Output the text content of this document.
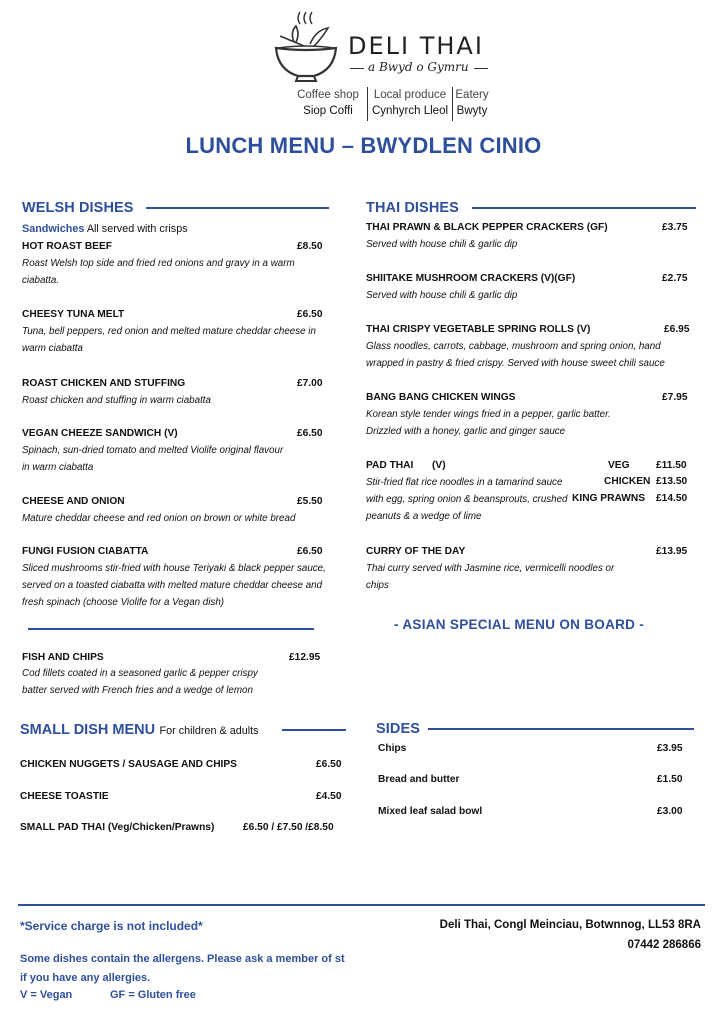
DELI THAI
a Bwyd o Gymru
Coffee shop
Siop Coffi
Local produce
Cynhyrch Lleol
Eatery
Bwyty
LUNCH MENU – BWYDLEN CINIO
WELSH DISHES
Sandwiches All served with crisps
HOT ROAST BEEF	£8.50
Roast Welsh top side and fried red onions and gravy in a warm ciabatta.
CHEESY TUNA MELT	£6.50
Tuna, bell peppers, red onion and melted mature cheddar cheese in warm ciabatta
ROAST CHICKEN AND STUFFING	£7.00
Roast chicken and stuffing in warm ciabatta
VEGAN CHEEZE SANDWICH (V)	£6.50
Spinach, sun-dried tomato and melted Violife original flavour in warm ciabatta
CHEESE AND ONION	£5.50
Mature cheddar cheese and red onion on brown or white bread
FUNGI FUSION CIABATTA	£6.50
Sliced mushrooms stir-fried with house Teriyaki & black pepper sauce, served on a toasted ciabatta with melted mature cheddar cheese and fresh spinach (choose Violife for a Vegan dish)
FISH AND CHIPS	£12.95
Cod fillets coated in a seasoned garlic & pepper crispy batter served with French fries and a wedge of lemon
THAI DISHES
THAI PRAWN & BLACK PEPPER CRACKERS (GF)	£3.75
Served with house chili & garlic dip
SHIITAKE MUSHROOM CRACKERS (V)(GF)	£2.75
Served with house chili & garlic dip
THAI CRISPY VEGETABLE SPRING ROLLS (V)	£6.95
Glass noodles, carrots, cabbage, mushroom and spring onion, hand wrapped in pastry & fried crispy. Served with house sweet chili sauce
BANG BANG CHICKEN WINGS	£7.95
Korean style tender wings fried in a pepper, garlic batter. Drizzled with a honey, garlic and ginger sauce
PAD THAI (V)
Stir-fried flat rice noodles in a tamarind sauce with egg, spring onion & beansprouts, crushed peanuts & a wedge of lime
VEG	£11.50
CHICKEN £13.50
KING PRAWNS £14.50
CURRY OF THE DAY	£13.95
Thai curry served with Jasmine rice, vermicelli noodles or chips
- ASIAN SPECIAL MENU ON BOARD -
SMALL DISH MENU For children & adults
CHICKEN NUGGETS / SAUSAGE AND CHIPS	£6.50
CHEESE TOASTIE	£4.50
SMALL PAD THAI (Veg/Chicken/Prawns)	£6.50 / £7.50 /£8.50
SIDES
Chips	£3.95
Bread and butter	£1.50
Mixed leaf salad bowl	£3.00
*Service charge is not included*
Some dishes contain the allergens. Please ask a member of st
if you have any allergies.
V = Vegan	GF = Gluten free
Deli Thai, Congl Meinciau, Botwnnog, LL53 8RA
07442 286866
